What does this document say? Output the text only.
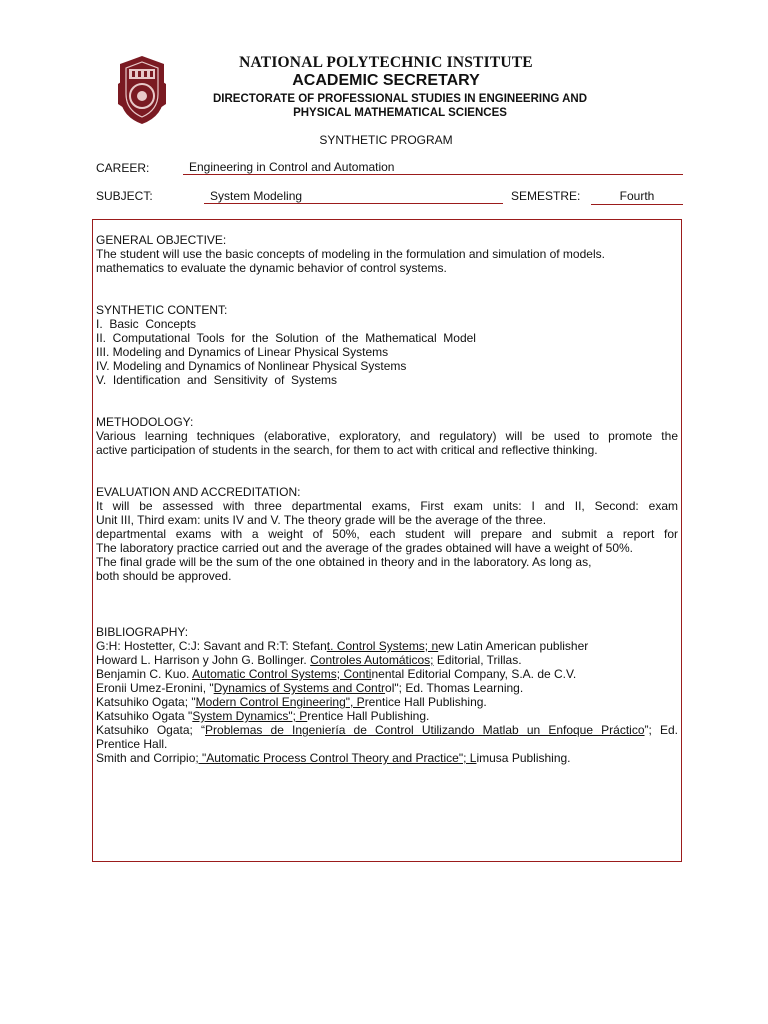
NATIONAL POLYTECHNIC INSTITUTE

ACADEMIC SECRETARY

DIRECTORATE OF PROFESSIONAL STUDIES IN ENGINEERING AND
PHYSICAL MATHEMATICAL SCIENCES

SYNTHETIC PROGRAM
CAREER:	Engineering in Control and Automation
SUBJECT:	System Modeling	SEMESTRE:	Fourth

GENERAL OBJECTIVE:

The student will use the basic concepts of modeling in the formulation and simulation of models.

mathematics to evaluate the dynamic behavior of control systems.

SYNTHETIC CONTENT:

I.  Basic  Concepts

II.  Computational  Tools  for  the  Solution  of  the  Mathematical  Model

III. Modeling and Dynamics of Linear Physical Systems

IV. Modeling and Dynamics of Nonlinear Physical Systems

V.  Identification  and  Sensitivity  of  Systems

METHODOLOGY:

Various learning techniques (elaborative, exploratory, and regulatory) will be used to promote the

active participation of students in the search, for them to act with critical and reflective thinking.

EVALUATION AND ACCREDITATION:

It will be assessed with three departmental exams, First exam units: I and II, Second: exam

Unit III, Third exam: units IV and V. The theory grade will be the average of the three.

departmental exams with a weight of 50%, each student will prepare and submit a report for

The laboratory practice carried out and the average of the grades obtained will have a weight of 50%.

The final grade will be the sum of the one obtained in theory and in the laboratory. As long as,

both should be approved.

BIBLIOGRAPHY:

G:H: Hostetter, C:J: Savant and R:T: Stefant. Control Systems; new Latin American publisher

Howard L. Harrison y John G. Bollinger. Controles Automáticos; Editorial, Trillas.

Benjamin C. Kuo. Automatic Control Systems; Continental Editorial Company, S.A. de C.V.

Eronii Umez-Eronini, "Dynamics of Systems and Control"; Ed. Thomas Learning.

Katsuhiko Ogata; "Modern Control Engineering", Prentice Hall Publishing.

Katsuhiko Ogata "System Dynamics"; Prentice Hall Publishing.

Katsuhiko  Ogata;  “Problemas  de  Ingeniería  de  Control  Utilizando  Matlab  un  Enfoque  Práctico”;  Ed.

Prentice Hall.

Smith and Corripio; "Automatic Process Control Theory and Practice"; Limusa Publishing.
